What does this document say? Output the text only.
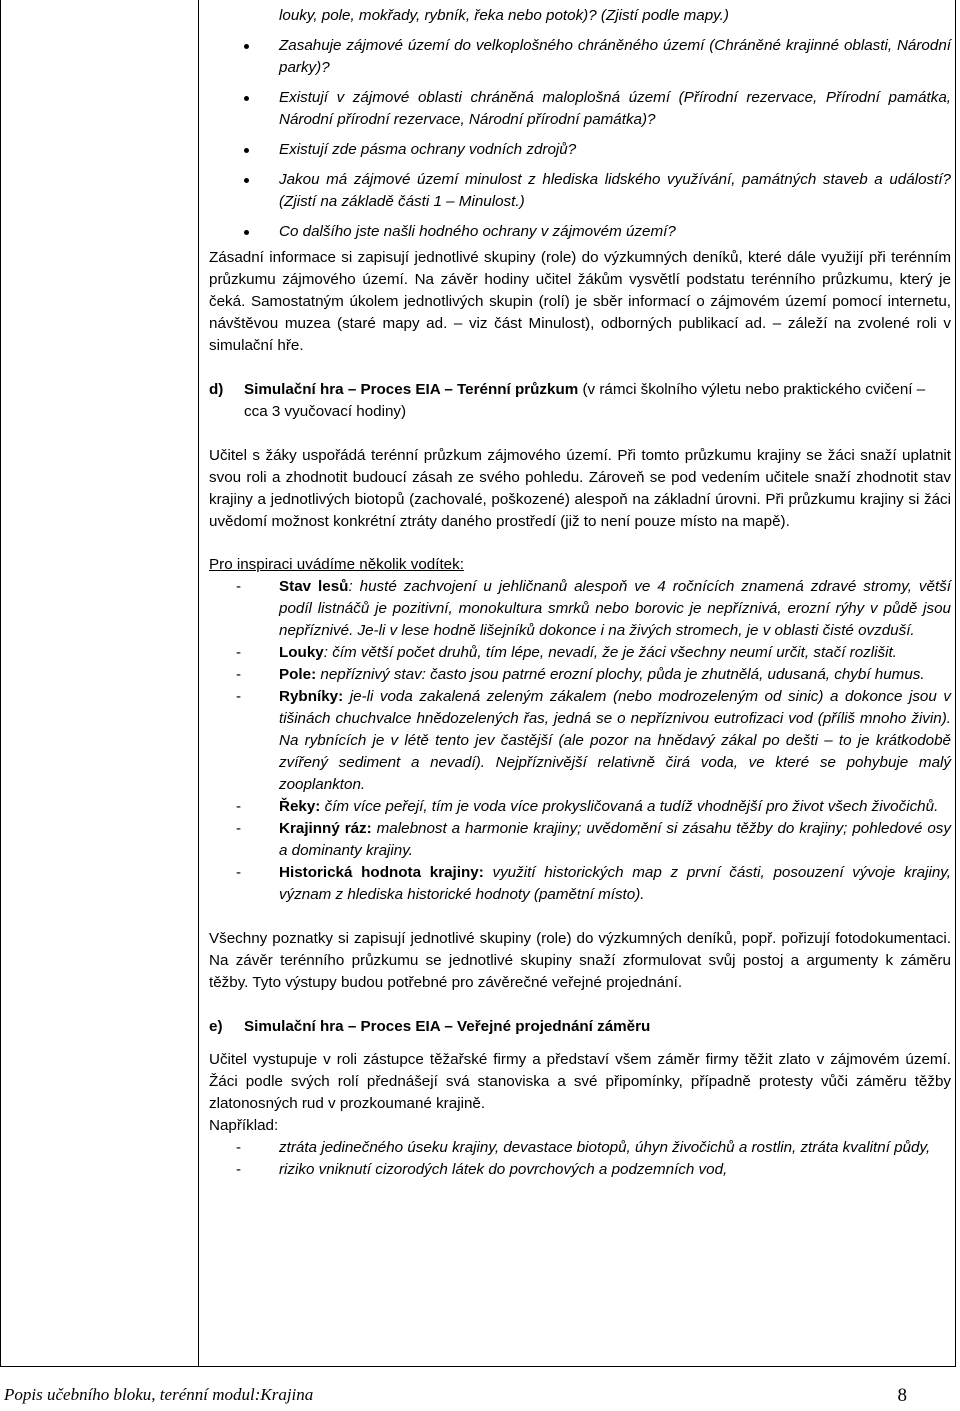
louky, pole, mokřady, rybník, řeka nebo potok)? (Zjistí podle mapy.)
Zasahuje zájmové území do velkoplošného chráněného území (Chráněné krajinné oblasti, Národní parky)?
Existují v zájmové oblasti chráněná maloplošná území (Přírodní rezervace, Přírodní památka, Národní přírodní rezervace, Národní přírodní památka)?
Existují zde pásma ochrany vodních zdrojů?
Jakou má zájmové území minulost z hlediska lidského využívání, památných staveb a událostí? (Zjistí na základě části 1 – Minulost.)
Co dalšího jste našli hodného ochrany v zájmovém území?

Zásadní informace si zapisují jednotlivé skupiny (role) do výzkumných deníků, které dále využijí při terénním průzkumu zájmového území. Na závěr hodiny učitel žákům vysvětlí podstatu terénního průzkumu, který je čeká. Samostatným úkolem jednotlivých skupin (rolí) je sběr informací o zájmovém území pomocí internetu, návštěvou muzea (staré mapy ad. – viz část Minulost), odborných publikací ad. – záleží na zvolené roli v simulační hře.

d) Simulační hra – Proces EIA – Terénní průzkum (v rámci školního výletu nebo praktického cvičení – cca 3 vyučovací hodiny)

Učitel s žáky uspořádá terénní průzkum zájmového území. Při tomto průzkumu krajiny se žáci snaží uplatnit svou roli a zhodnotit budoucí zásah ze svého pohledu. Zároveň se pod vedením učitele snaží zhodnotit stav krajiny a jednotlivých biotopů (zachovalé, poškozené) alespoň na základní úrovni. Při průzkumu krajiny si žáci uvědomí možnost konkrétní ztráty daného prostředí (již to není pouze místo na mapě).

Pro inspiraci uvádíme několik vodítek:

- Stav lesů: husté zachvojení u jehličnanů alespoň ve 4 ročnících znamená zdravé stromy, větší podíl listnáčů je pozitivní, monokultura smrků nebo borovic je nepříznivá, erozní rýhy v půdě jsou nepříznivé. Je-li v lese hodně lišejníků dokonce i na živých stromech, je v oblasti čisté ovzduší.
- Louky: čím větší počet druhů, tím lépe, nevadí, že je žáci všechny neumí určit, stačí rozlišit.
- Pole: nepříznivý stav: často jsou patrné erozní plochy, půda je zhutnělá, udusaná, chybí humus.
- Rybníky: je-li voda zakalená zeleným zákalem (nebo modrozeleným od sinic) a dokonce jsou v tišinách chuchvalce hnědozelených řas, jedná se o nepříznivou eutrofizaci vod (příliš mnoho živin). Na rybnících je v létě tento jev častější (ale pozor na hnědavý zákal po dešti – to je krátkodobě zvířený sediment a nevadí). Nejpříznivější relativně čirá voda, ve které se pohybuje malý zooplankton.
- Řeky: čím více peřejí, tím je voda více prokysličovaná a tudíž vhodnější pro život všech živočichů.
- Krajinný ráz: malebnost a harmonie krajiny; uvědomění si zásahu těžby do krajiny; pohledové osy a dominanty krajiny.
- Historická hodnota krajiny: využití historických map z první části, posouzení vývoje krajiny, význam z hlediska historické hodnoty (pamětní místo).

Všechny poznatky si zapisují jednotlivé skupiny (role) do výzkumných deníků, popř. pořizují fotodokumentaci. Na závěr terénního průzkumu se jednotlivé skupiny snaží zformulovat svůj postoj a argumenty k záměru těžby. Tyto výstupy budou potřebné pro závěrečné veřejné projednání.

e) Simulační hra – Proces EIA – Veřejné projednání záměru

Učitel vystupuje v roli zástupce těžařské firmy a představí všem záměr firmy těžit zlato v zájmovém území. Žáci podle svých rolí přednášejí svá stanoviska a své připomínky, případně protesty vůči záměru těžby zlatonosných rud v prozkoumané krajině.

Například:

- ztráta jedinečného úseku krajiny, devastace biotopů, úhyn živočichů a rostlin, ztráta kvalitní půdy,
- riziko vniknutí cizorodých látek do povrchových a podzemních vod,
Popis učebního bloku, terénní modul:Krajina	8
